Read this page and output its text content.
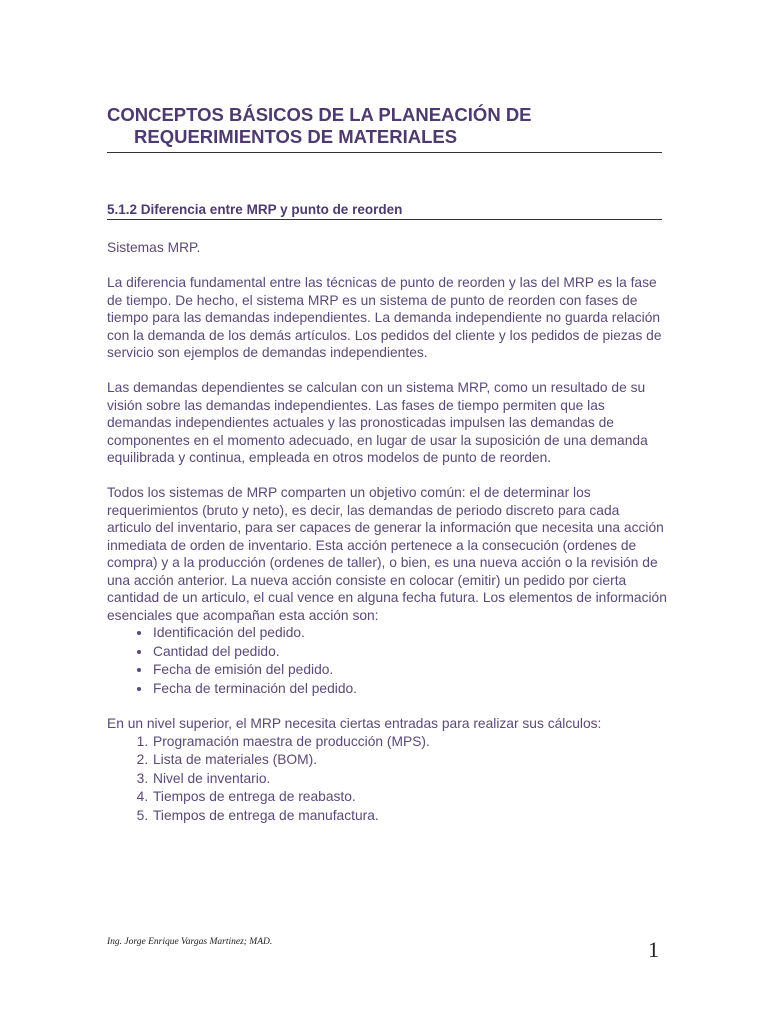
CONCEPTOS BÁSICOS DE LA PLANEACIÓN DE
REQUERIMIENTOS DE MATERIALES
5.1.2 Diferencia entre MRP y punto de reorden

Sistemas MRP.

La diferencia fundamental entre las técnicas de punto de reorden y las del MRP es la fase de tiempo. De hecho, el sistema MRP es un sistema de punto de reorden con fases de tiempo para las demandas independientes. La demanda independiente no guarda relación con la demanda de los demás artículos. Los pedidos del cliente y los pedidos de piezas de servicio son ejemplos de demandas independientes.

Las demandas dependientes se calculan con un sistema MRP, como un resultado de su visión sobre las demandas independientes. Las fases de tiempo permiten que las demandas independientes actuales y las pronosticadas impulsen las demandas de componentes en el momento adecuado, en lugar de usar la suposición de una demanda equilibrada y continua, empleada en otros modelos de punto de reorden.

Todos los sistemas de MRP comparten un objetivo común: el de determinar los requerimientos (bruto y neto), es decir, las demandas de periodo discreto para cada articulo del inventario, para ser capaces de generar la información que necesita una acción inmediata de orden de inventario. Esta acción pertenece a la consecución (ordenes de compra) y a la producción (ordenes de taller), o bien, es una nueva acción o la revisión de una acción anterior. La nueva acción consiste en colocar (emitir) un pedido por cierta cantidad de un articulo, el cual vence en alguna fecha futura. Los elementos de información esenciales que acompañan esta acción son:

• Identificación del pedido.
• Cantidad del pedido.
• Fecha de emisión del pedido.
• Fecha de terminación del pedido.

En un nivel superior, el MRP necesita ciertas entradas para realizar sus cálculos:

1. Programación maestra de producción (MPS).
2. Lista de materiales (BOM).
3. Nivel de inventario.
4. Tiempos de entrega de reabasto.
5. Tiempos de entrega de manufactura.
Ing. Jorge Enrique Vargas Martinez; MAD.	1
